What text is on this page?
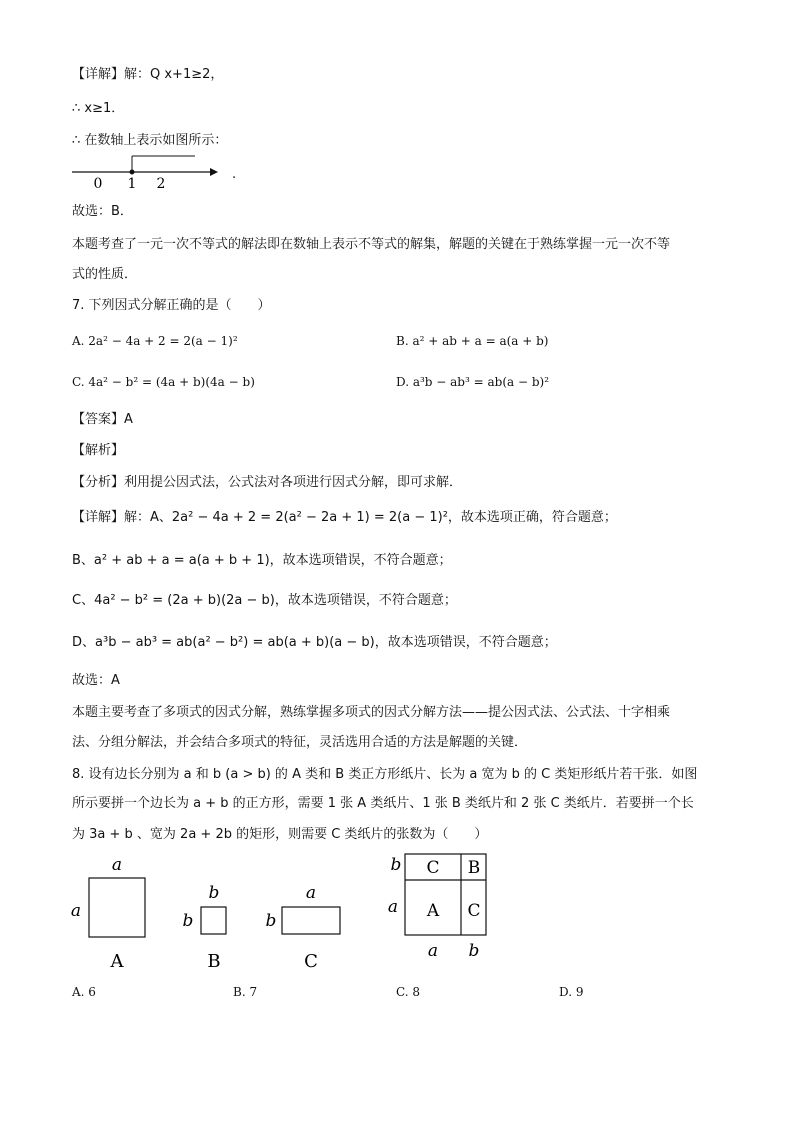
【详解】解：Q x+1≥2，
∴ x≥1．
∴ 在数轴上表示如图所示：
0 1 2
.
故选：B．
本题考查了一元一次不等式的解法即在数轴上表示不等式的解集，解题的关键在于熟练掌握一元一次不等
式的性质．
7. 下列因式分解正确的是（　　）
A. 2a² − 4a + 2 = 2(a − 1)²	B. a² + ab + a = a(a + b)
C. 4a² − b² = (4a + b)(4a − b)	D. a³b − ab³ = ab(a − b)²
【答案】A
【解析】
【分析】利用提公因式法，公式法对各项进行因式分解，即可求解．
【详解】解：A、2a² − 4a + 2 = 2(a² − 2a + 1) = 2(a − 1)²，故本选项正确，符合题意；
B、a² + ab + a = a(a + b + 1)，故本选项错误，不符合题意；
C、4a² − b² = (2a + b)(2a − b)，故本选项错误，不符合题意；
D、a³b − ab³ = ab(a² − b²) = ab(a + b)(a − b)，故本选项错误，不符合题意；
故选：A
本题主要考查了多项式的因式分解，熟练掌握多项式的因式分解方法——提公因式法、公式法、十字相乘
法、分组分解法，并会结合多项式的特征，灵活选用合适的方法是解题的关键．
8. 设有边长分别为 a 和 b (a > b) 的 A 类和 B 类正方形纸片、长为 a 宽为 b 的 C 类矩形纸片若干张．如图
所示要拼一个边长为 a + b 的正方形，需要 1 张 A 类纸片、1 张 B 类纸片和 2 张 C 类纸片．若要拼一个长
为 3a + b 、宽为 2a + 2b 的矩形，则需要 C 类纸片的张数为（　　）
a
a
A
b
b
B
a
b
C
b
a
C B
A C
a b
A. 6	B. 7	C. 8	D. 9
